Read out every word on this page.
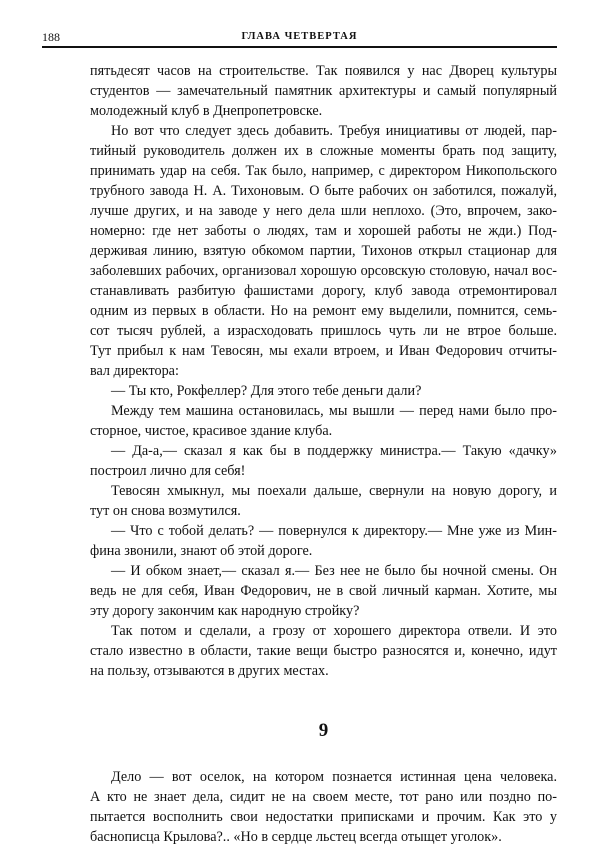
188	ГЛАВА ЧЕТВЕРТАЯ
пятьдесят часов на строительстве. Так появился у нас Дворец культуры
студентов — замечательный памятник архитектуры и самый популярный
молодежный клуб в Днепропетровске.
Но вот что следует здесь добавить. Требуя инициативы от людей, пар-
тийный руководитель должен их в сложные моменты брать под защиту,
принимать удар на себя. Так было, например, с директором Никопольского
трубного завода Н. А. Тихоновым. О быте рабочих он заботился, пожалуй,
лучше других, и на заводе у него дела шли неплохо. (Это, впрочем, зако-
номерно: где нет заботы о людях, там и хорошей работы не жди.) Под-
держивая линию, взятую обкомом партии, Тихонов открыл стационар для
заболевших рабочих, организовал хорошую орсовскую столовую, начал вос-
станавливать разбитую фашистами дорогу, клуб завода отремонтировал
одним из первых в области. Но на ремонт ему выделили, помнится, семь-
сот тысяч рублей, а израсходовать пришлось чуть ли не втрое больше.
Тут прибыл к нам Тевосян, мы ехали втроем, и Иван Федорович отчиты-
вал директора:
— Ты кто, Рокфеллер? Для этого тебе деньги дали?
Между тем машина остановилась, мы вышли — перед нами было про-
сторное, чистое, красивое здание клуба.
— Да-а,— сказал я как бы в поддержку министра.— Такую «дачку»
построил лично для себя!
Тевосян хмыкнул, мы поехали дальше, свернули на новую дорогу, и
тут он снова возмутился.
— Что с тобой делать? — повернулся к директору.— Мне уже из Мин-
фина звонили, знают об этой дороге.
— И обком знает,— сказал я.— Без нее не было бы ночной смены. Он
ведь не для себя, Иван Федорович, не в свой личный карман. Хотите, мы
эту дорогу закончим как народную стройку?
Так потом и сделали, а грозу от хорошего директора отвели. И это
стало известно в области, такие вещи быстро разносятся и, конечно, идут
на пользу, отзываются в других местах.
9
Дело — вот оселок, на котором познается истинная цена человека.
А кто не знает дела, сидит не на своем месте, тот рано или поздно по-
пытается восполнить свои недостатки приписками и прочим. Как это у
баснописца Крылова?.. «Но в сердце льстец всегда отыщет уголок».
